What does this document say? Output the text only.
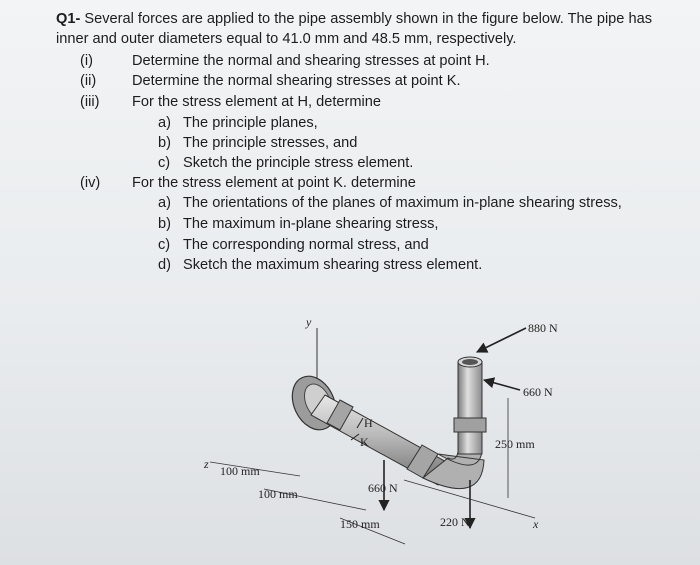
Q1- Several forces are applied to the pipe assembly shown in the figure below. The pipe has
inner and outer diameters equal to 41.0 mm and 48.5 mm, respectively.
(i)	Determine the normal and shearing stresses at point H.
(ii) Determine the normal shearing stresses at point K.
(iii) For the stress element at H, determine
a) The principle planes,
b) The principle stresses, and
c) Sketch the principle stress element.
(iv) For the stress element at point K. determine
a) The orientations of the planes of maximum in-plane shearing stress,
b) The maximum in-plane shearing stress,
c) The corresponding normal stress, and
d) Sketch the maximum shearing stress element.
y
H
K
880 N
660 N
660 N
220 N
250 mm
x
z 100 mm
100 mm
150 mm
